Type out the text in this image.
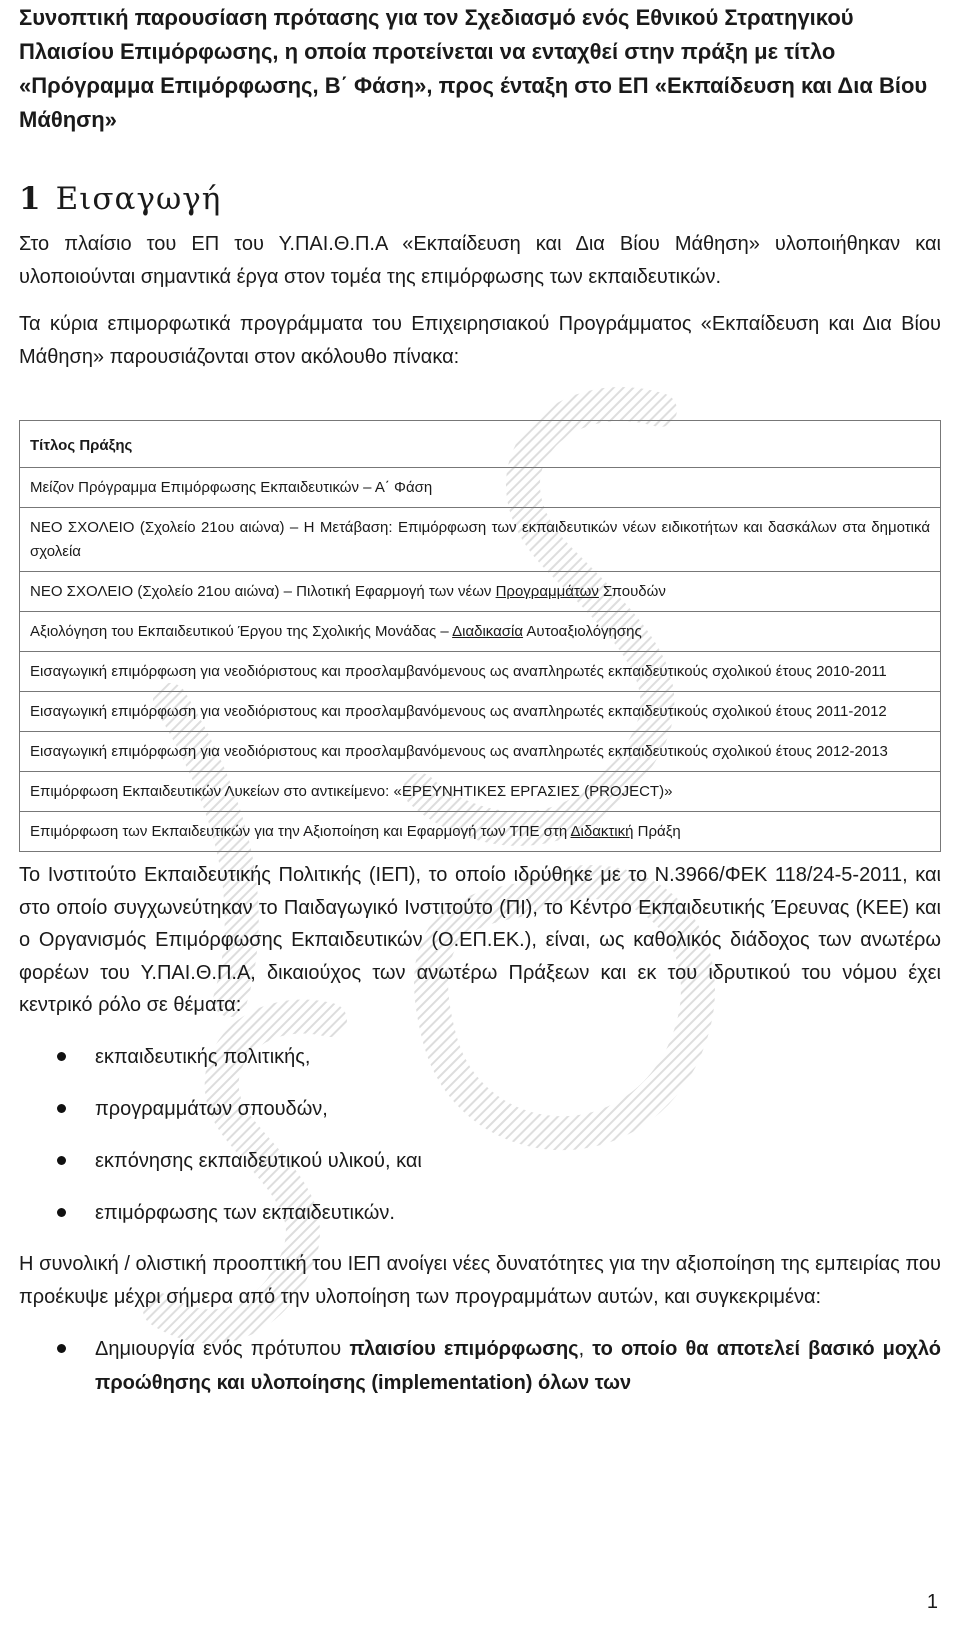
Συνοπτική παρουσίαση πρότασης για τον Σχεδιασμό ενός Εθνικού Στρατηγικού Πλαισίου Επιμόρφωσης, η οποία προτείνεται να ενταχθεί στην πράξη με τίτλο «Πρόγραμμα Επιμόρφωσης, Β΄ Φάση», προς ένταξη στο ΕΠ «Εκπαίδευση και Δια Βίου Μάθηση»
1 Εισαγωγή

Στο πλαίσιο του ΕΠ του Υ.ΠΑΙ.Θ.Π.Α «Εκπαίδευση και Δια Βίου Μάθηση» υλοποιήθηκαν και υλοποιούνται σημαντικά έργα στον τομέα της επιμόρφωσης των εκπαιδευτικών.

Τα κύρια επιμορφωτικά προγράμματα του Επιχειρησιακού Προγράμματος «Εκπαίδευση και Δια Βίου Μάθηση» παρουσιάζονται στον ακόλουθο πίνακα:

Τίτλος Πράξης
Μείζον Πρόγραμμα Επιμόρφωσης Εκπαιδευτικών – Α΄ Φάση
ΝΕΟ ΣΧΟΛΕΙΟ (Σχολείο 21ου αιώνα) – Η Μετάβαση: Επιμόρφωση των εκπαιδευτικών νέων ειδικοτήτων και δασκάλων στα δημοτικά σχολεία
ΝΕΟ ΣΧΟΛΕΙΟ (Σχολείο 21ου αιώνα) – Πιλοτική Εφαρμογή των νέων Προγραμμάτων Σπουδών
Αξιολόγηση του Εκπαιδευτικού Έργου της Σχολικής Μονάδας – Διαδικασία Αυτοαξιολόγησης
Εισαγωγική επιμόρφωση για νεοδιόριστους και προσλαμβανόμενους ως αναπληρωτές εκπαιδευτικούς σχολικού έτους 2010-2011
Εισαγωγική επιμόρφωση για νεοδιόριστους και προσλαμβανόμενους ως αναπληρωτές εκπαιδευτικούς σχολικού έτους 2011-2012
Εισαγωγική επιμόρφωση για νεοδιόριστους και προσλαμβανόμενους ως αναπληρωτές εκπαιδευτικούς σχολικού έτους 2012-2013
Επιμόρφωση Εκπαιδευτικών Λυκείων στο αντικείμενο: «ΕΡΕΥΝΗΤΙΚΕΣ ΕΡΓΑΣΙΕΣ (PROJECT)»
Επιμόρφωση των Εκπαιδευτικών για την Αξιοποίηση και Εφαρμογή των ΤΠΕ στη Διδακτική Πράξη

Το Ινστιτούτο Εκπαιδευτικής Πολιτικής (ΙΕΠ), το οποίο ιδρύθηκε με το Ν.3966/ΦΕΚ 118/24-5-2011, και στο οποίο συγχωνεύτηκαν το Παιδαγωγικό Ινστιτούτο (ΠΙ), το Κέντρο Εκπαιδευτικής Έρευνας (ΚΕΕ) και ο Οργανισμός Επιμόρφωσης Εκπαιδευτικών (Ο.ΕΠ.ΕΚ.), είναι, ως καθολικός διάδοχος των ανωτέρω φορέων του Υ.ΠΑΙ.Θ.Π.Α, δικαιούχος των ανωτέρω Πράξεων και εκ του ιδρυτικού του νόμου έχει κεντρικό ρόλο σε θέματα:

εκπαιδευτικής πολιτικής,
προγραμμάτων σπουδών,
εκπόνησης εκπαιδευτικού υλικού, και
επιμόρφωσης των εκπαιδευτικών.

Η συνολική / ολιστική προοπτική του ΙΕΠ ανοίγει νέες δυνατότητες για την αξιοποίηση της εμπειρίας που προέκυψε μέχρι σήμερα από την υλοποίηση των προγραμμάτων αυτών, και συγκεκριμένα:

Δημιουργία ενός πρότυπου πλαισίου επιμόρφωσης, το οποίο θα αποτελεί βασικό μοχλό προώθησης και υλοποίησης (implementation) όλων των
1
